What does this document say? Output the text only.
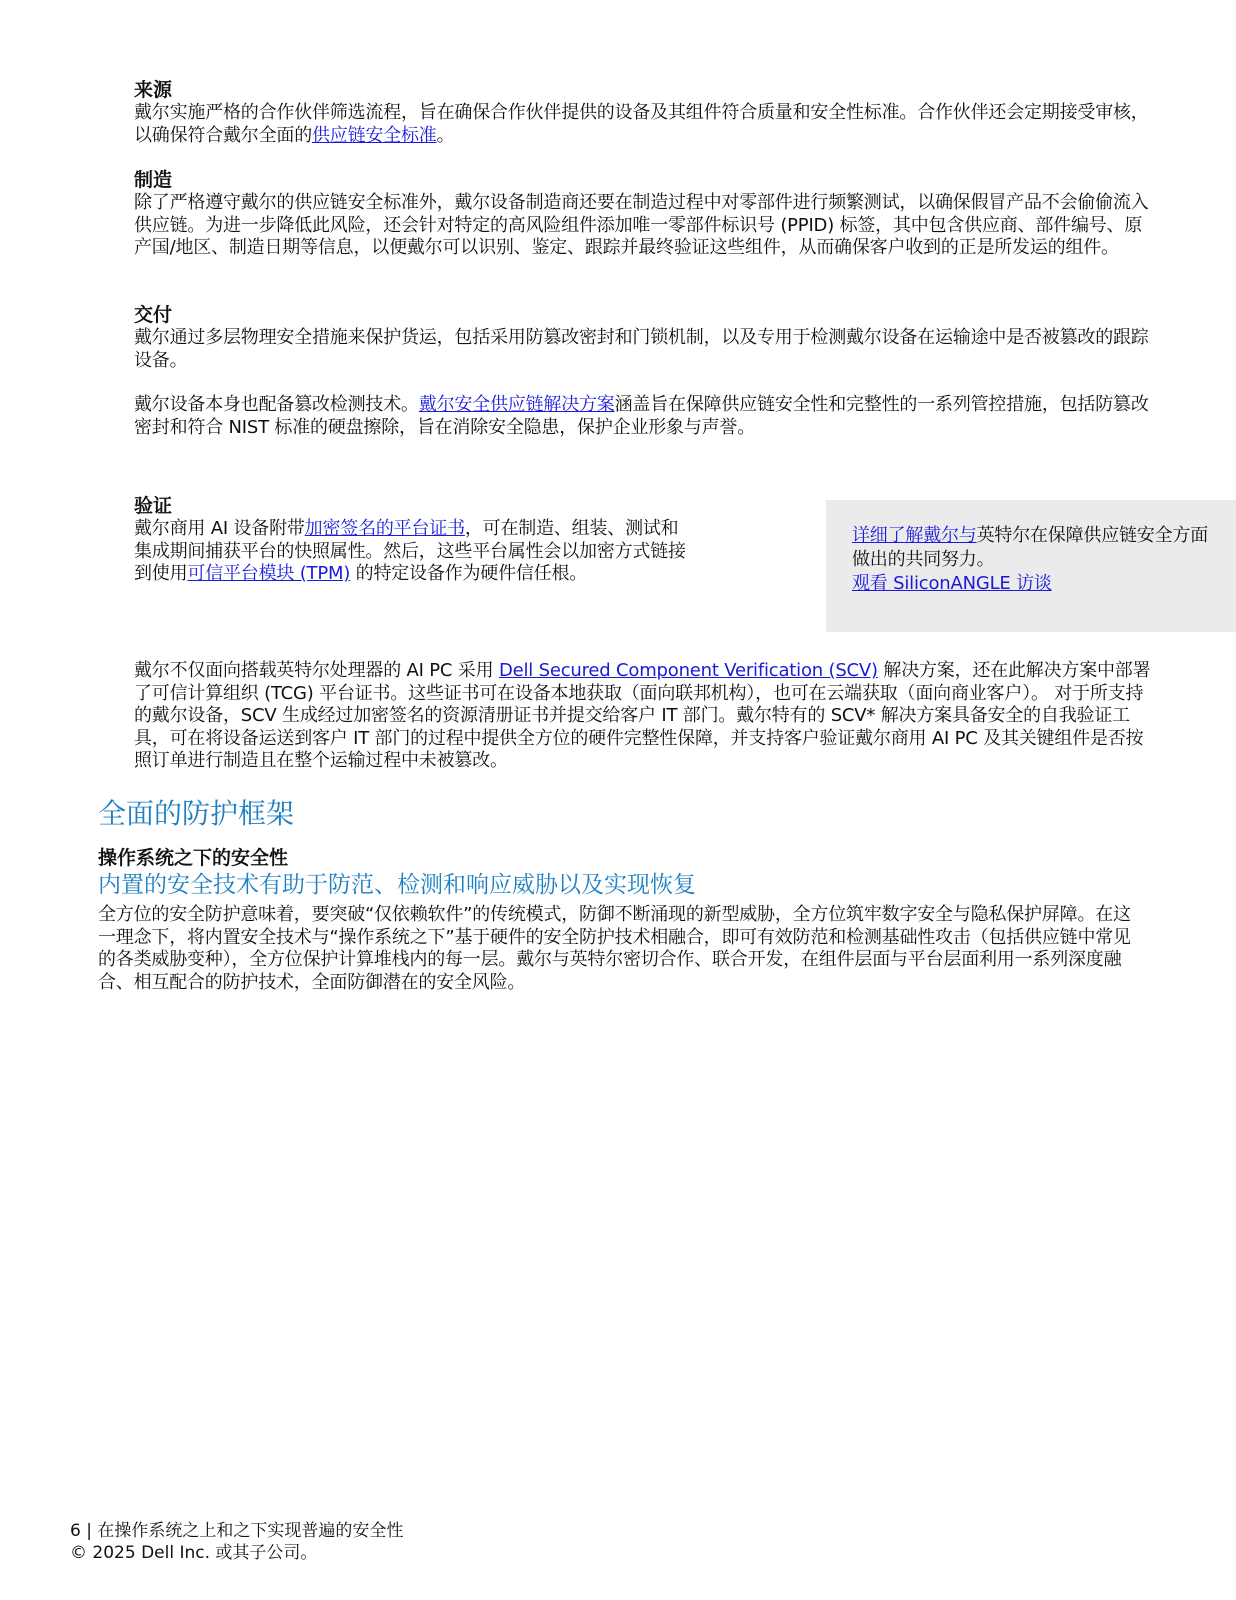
来源

戴尔实施严格的合作伙伴筛选流程，旨在确保合作伙伴提供的设备及其组件符合质量和安全性标准。合作伙伴还会定期接受审核，以确保符合戴尔全面的供应链安全标准。

制造

除了严格遵守戴尔的供应链安全标准外，戴尔设备制造商还要在制造过程中对零部件进行频繁测试，以确保假冒产品不会偷偷流入供应链。为进一步降低此风险，还会针对特定的高风险组件添加唯一零部件标识号 (PPID) 标签，其中包含供应商、部件编号、原产国/地区、制造日期等信息，以便戴尔可以识别、鉴定、跟踪并最终验证这些组件，从而确保客户收到的正是所发运的组件。

交付

戴尔通过多层物理安全措施来保护货运，包括采用防篡改密封和门锁机制，以及专用于检测戴尔设备在运输途中是否被篡改的跟踪设备。

戴尔设备本身也配备篡改检测技术。戴尔安全供应链解决方案涵盖旨在保障供应链安全性和完整性的一系列管控措施，包括防篡改密封和符合 NIST 标准的硬盘擦除，旨在消除安全隐患，保护企业形象与声誉。

验证

戴尔商用 AI 设备附带加密签名的平台证书，可在制造、组装、测试和集成期间捕获平台的快照属性。然后，这些平台属性会以加密方式链接到使用可信平台模块 (TPM) 的特定设备作为硬件信任根。

详细了解戴尔与英特尔在保障供应链安全方面做出的共同努力。
观看 SiliconANGLE 访谈

戴尔不仅面向搭载英特尔处理器的 AI PC 采用 Dell Secured Component Verification (SCV) 解决方案，还在此解决方案中部署了可信计算组织 (TCG) 平台证书。这些证书可在设备本地获取（面向联邦机构），也可在云端获取（面向商业客户）。 对于所支持的戴尔设备，SCV 生成经过加密签名的资源清册证书并提交给客户 IT 部门。戴尔特有的 SCV* 解决方案具备安全的自我验证工具，可在将设备运送到客户 IT 部门的过程中提供全方位的硬件完整性保障，并支持客户验证戴尔商用 AI PC 及其关键组件是否按照订单进行制造且在整个运输过程中未被篡改。

全面的防护框架
操作系统之下的安全性
内置的安全技术有助于防范、检测和响应威胁以及实现恢复

全方位的安全防护意味着，要突破“仅依赖软件”的传统模式，防御不断涌现的新型威胁，全方位筑牢数字安全与隐私保护屏障。在这一理念下，将内置安全技术与“操作系统之下”基于硬件的安全防护技术相融合，即可有效防范和检测基础性攻击（包括供应链中常见的各类威胁变种），全方位保护计算堆栈内的每一层。戴尔与英特尔密切合作、联合开发，在组件层面与平台层面利用一系列深度融合、相互配合的防护技术，全面防御潜在的安全风险。

6 | 在操作系统之上和之下实现普遍的安全性
© 2025 Dell Inc. 或其子公司。
